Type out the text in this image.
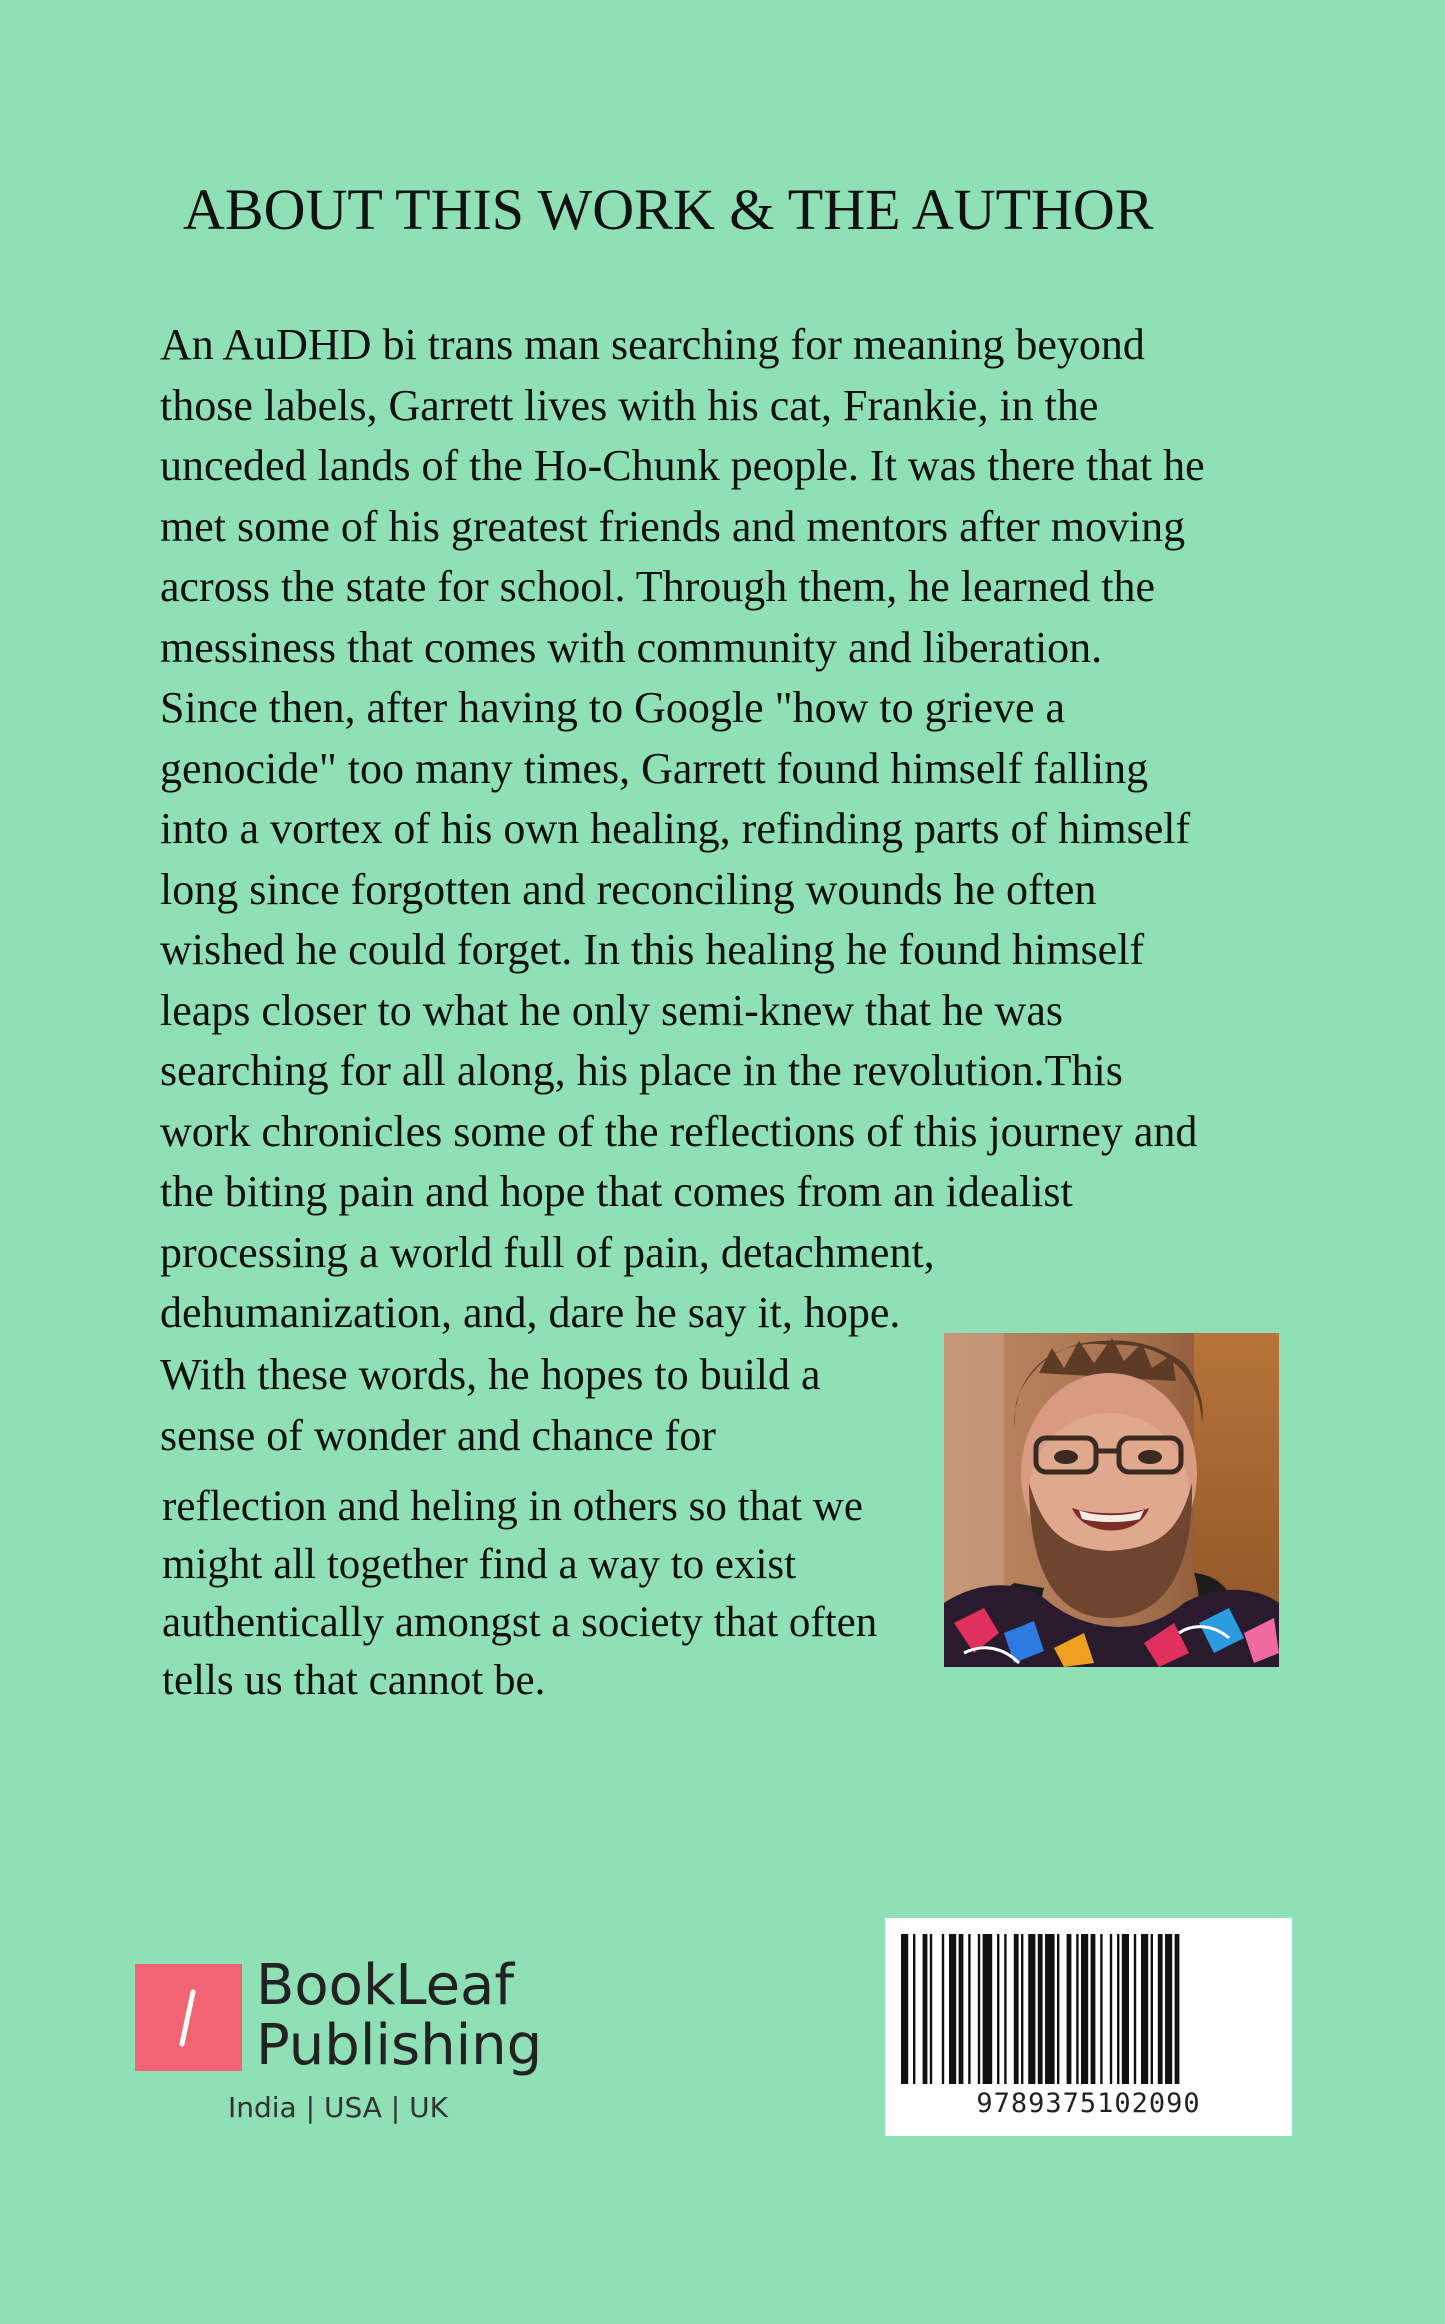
ABOUT THIS WORK & THE AUTHOR
An AuDHD bi trans man searching for meaning beyond
those labels, Garrett lives with his cat, Frankie, in the
unceded lands of the Ho-Chunk people. It was there that he
met some of his greatest friends and mentors after moving
across the state for school. Through them, he learned the
messiness that comes with community and liberation.
Since then, after having to Google "how to grieve a
genocide" too many times, Garrett found himself falling
into a vortex of his own healing, refinding parts of himself
long since forgotten and reconciling wounds he often
wished he could forget. In this healing he found himself
leaps closer to what he only semi-knew that he was
searching for all along, his place in the revolution.This
work chronicles some of the reflections of this journey and
the biting pain and hope that comes from an idealist
processing a world full of pain, detachment,
dehumanization, and, dare he say it, hope.
With these words, he hopes to build a
sense of wonder and chance for
reflection and heling in others so that we
might all together find a way to exist
authentically amongst a society that often
tells us that cannot be.
BookLeaf
Publishing
India | USA | UK	9789375102090
